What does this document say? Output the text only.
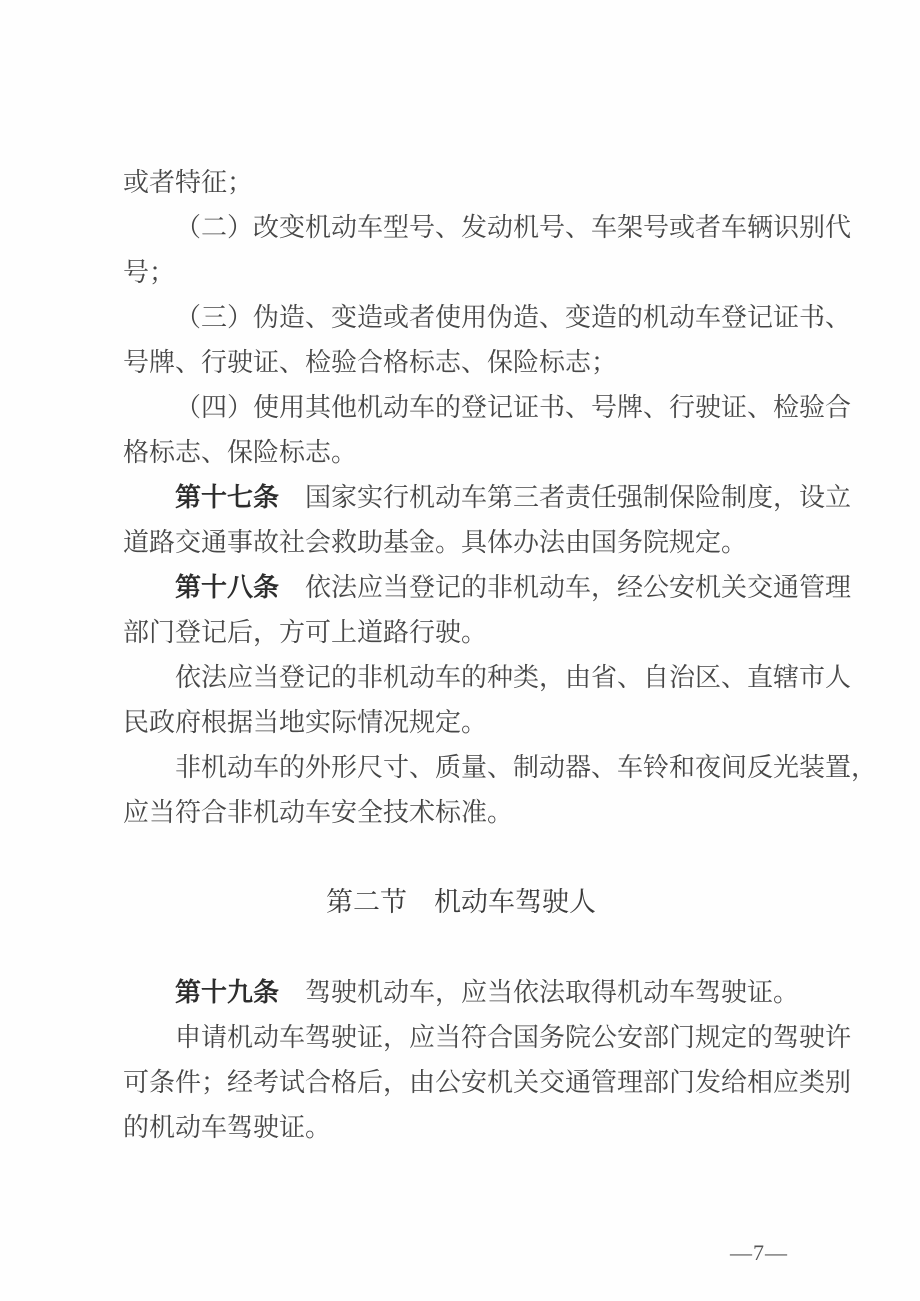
或者特征；
（二）改变机动车型号、发动机号、车架号或者车辆识别代
号；
（三）伪造、变造或者使用伪造、变造的机动车登记证书、
号牌、行驶证、检验合格标志、保险标志；
（四）使用其他机动车的登记证书、号牌、行驶证、检验合
格标志、保险标志。
第十七条　国家实行机动车第三者责任强制保险制度，设立
道路交通事故社会救助基金。具体办法由国务院规定。
第十八条　依法应当登记的非机动车，经公安机关交通管理
部门登记后，方可上道路行驶。
依法应当登记的非机动车的种类，由省、自治区、直辖市人
民政府根据当地实际情况规定。
非机动车的外形尺寸、质量、制动器、车铃和夜间反光装置，
应当符合非机动车安全技术标准。
第二节　机动车驾驶人
第十九条　驾驶机动车，应当依法取得机动车驾驶证。
申请机动车驾驶证，应当符合国务院公安部门规定的驾驶许
可条件；经考试合格后，由公安机关交通管理部门发给相应类别
的机动车驾驶证。
—7—
